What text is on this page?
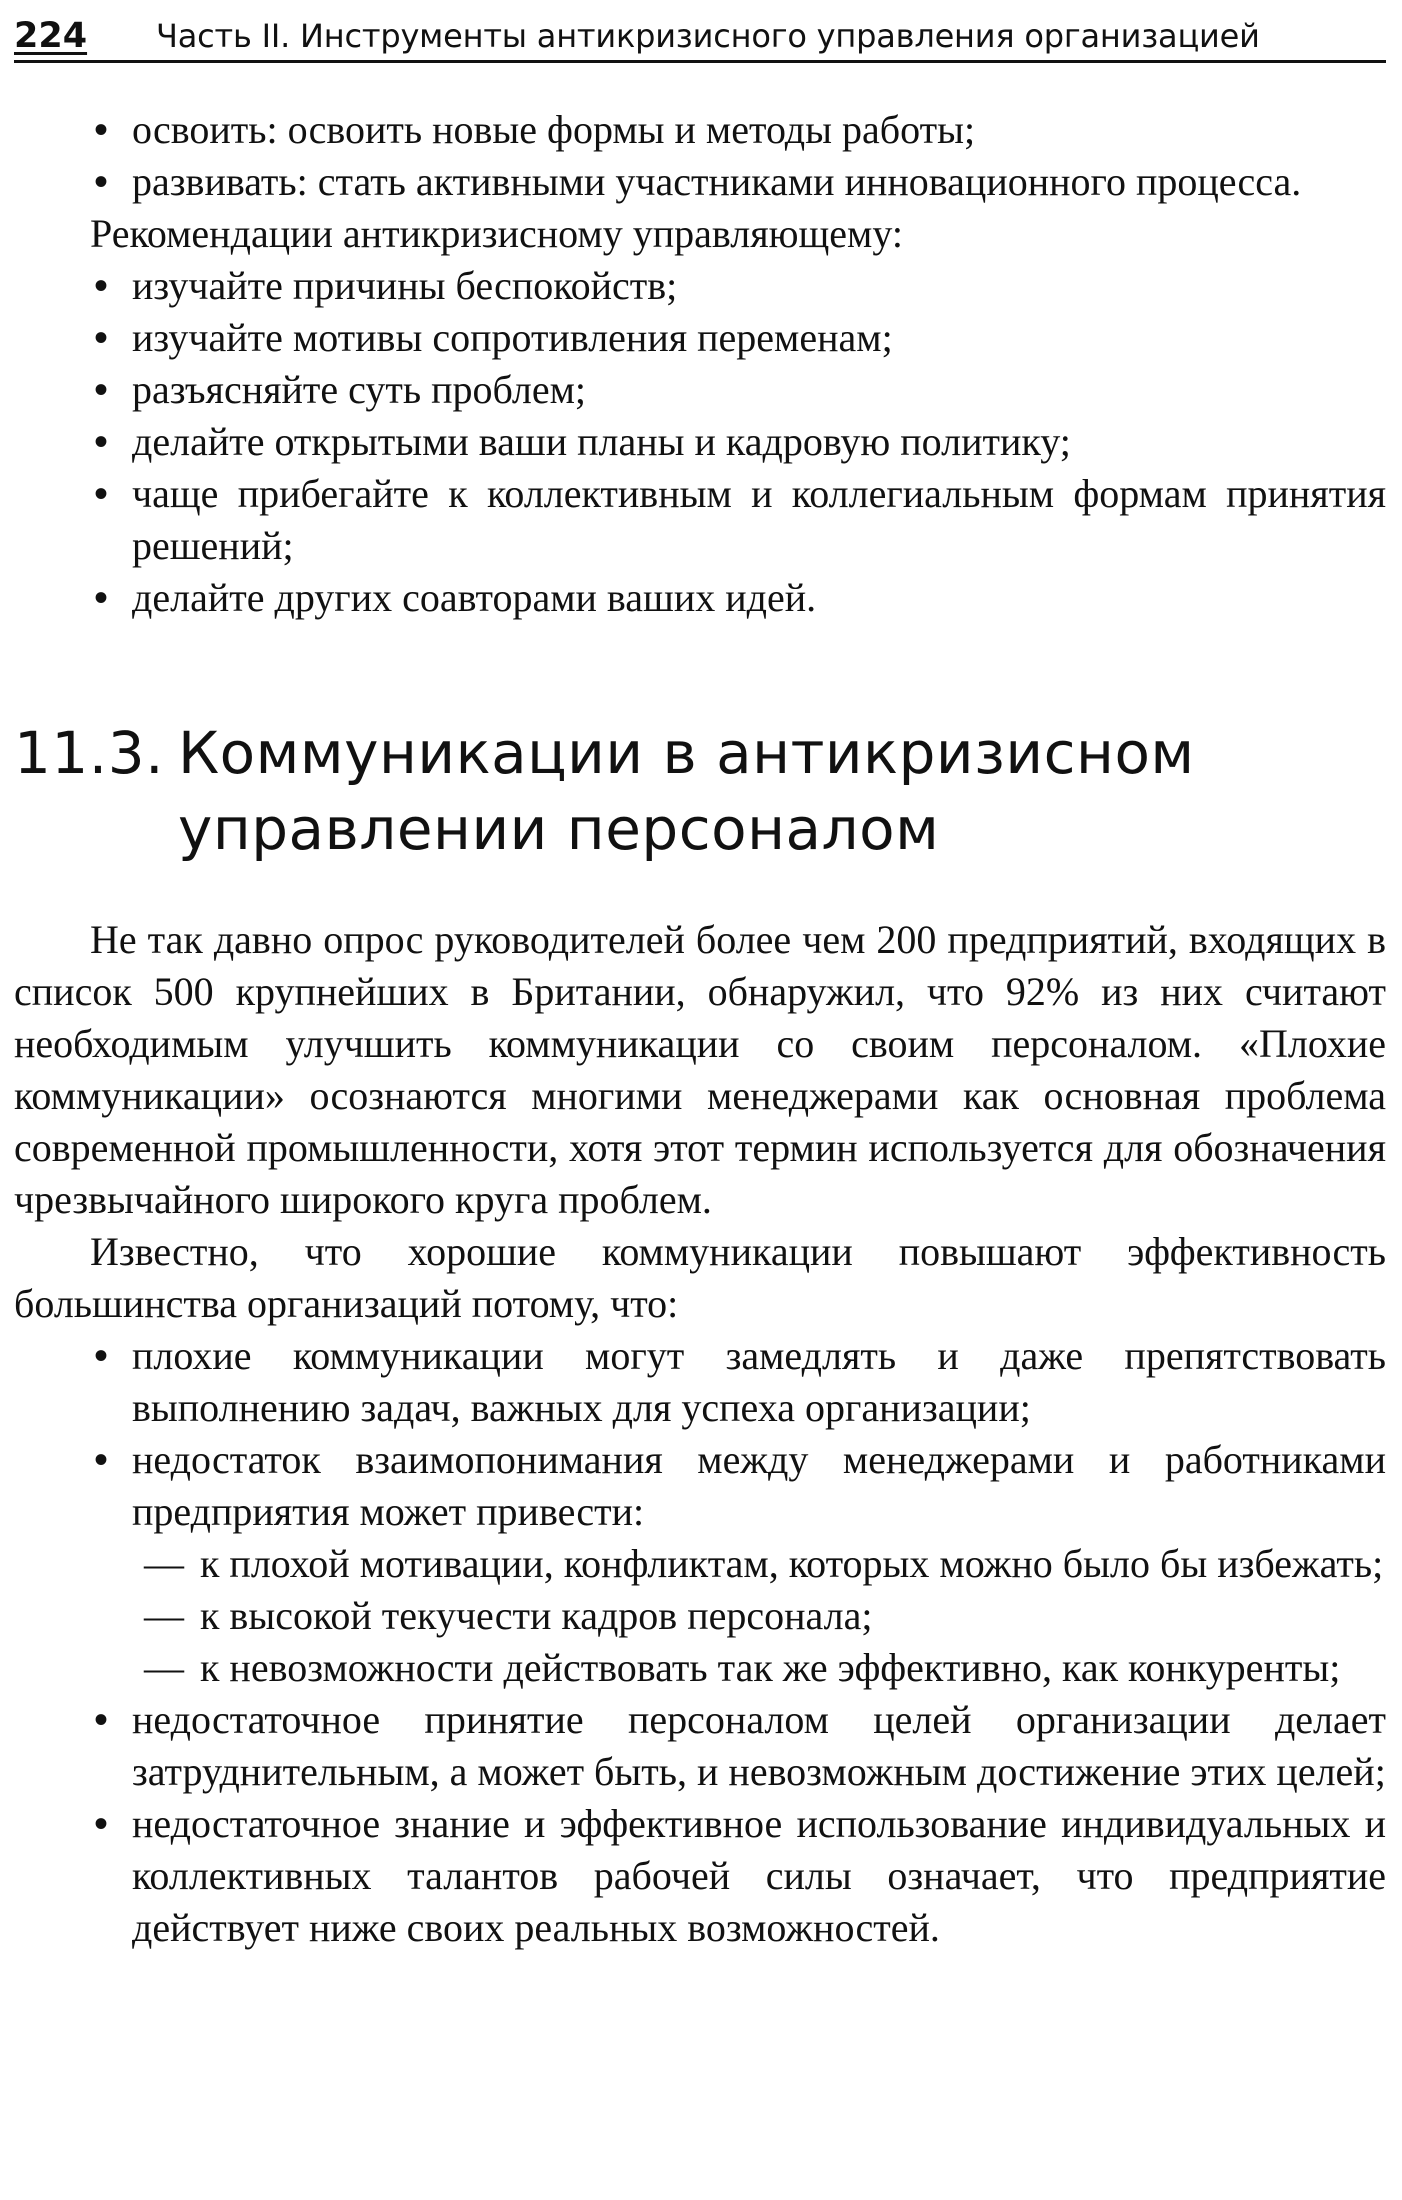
224 Часть II. Инструменты антикризисного управления организацией
• освоить: освоить новые формы и методы работы;
• развивать: стать активными участниками инновационного процесса.

Рекомендации антикризисному управляющему:

• изучайте причины беспокойств;
• изучайте мотивы сопротивления переменам;
• разъясняйте суть проблем;
• делайте открытыми ваши планы и кадровую политику;
• чаще прибегайте к коллективным и коллегиальным формам принятия решений;
• делайте других соавторами ваших идей.
11.3. Коммуникации в антикризисном
управлении персоналом

Не так давно опрос руководителей более чем 200 предприятий, входящих в список 500 крупнейших в Британии, обнаружил, что 92% из них считают необходимым улучшить коммуникации со своим персоналом. «Плохие коммуникации» осознаются многими менеджерами как основная проблема современной промышленности, хотя этот термин используется для обозначения чрезвычайного широкого круга проблем.

Известно, что хорошие коммуникации повышают эффективность большинства организаций потому, что:

• плохие коммуникации могут замедлять и даже препятствовать выполнению задач, важных для успеха организации;
• недостаток взаимопонимания между менеджерами и работниками предприятия может привести:
— к плохой мотивации, конфликтам, которых можно было бы избежать;
— к высокой текучести кадров персонала;
— к невозможности действовать так же эффективно, как конкуренты;
• недостаточное принятие персоналом целей организации делает затруднительным, а может быть, и невозможным достижение этих целей;
• недостаточное знание и эффективное использование индивидуальных и коллективных талантов рабочей силы означает, что предприятие действует ниже своих реальных возможностей.
